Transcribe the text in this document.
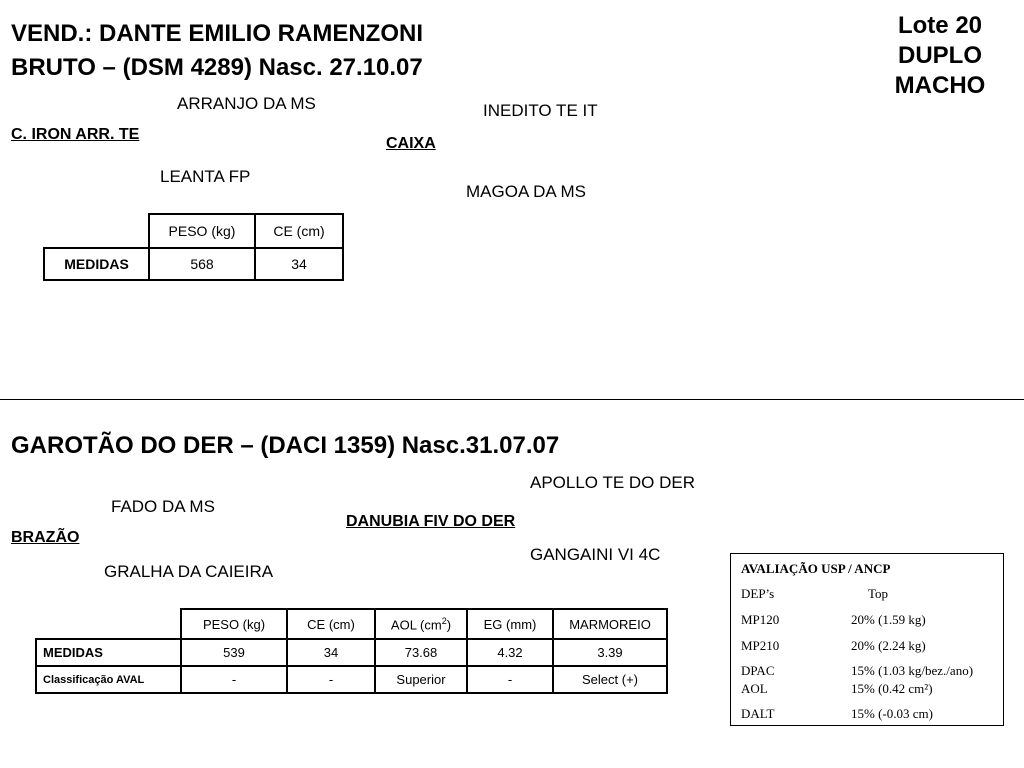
VEND.: DANTE EMILIO RAMENZONI
BRUTO – (DSM 4289) Nasc. 27.10.07
Lote 20
DUPLO
MACHO
ARRANJO DA MS
C. IRON ARR. TE
LEANTA FP
INEDITO TE IT
CAIXA
MAGOA DA MS
	PESO (kg)	CE (cm)
MEDIDAS	568	34
GAROTÃO DO DER – (DACI 1359) Nasc.31.07.07
FADO DA MS
BRAZÃO
GRALHA DA CAIEIRA
APOLLO TE DO DER
DANUBIA FIV DO DER
GANGAINI VI 4C
	PESO (kg)	CE (cm)	AOL $(cm^2)$	EG (mm)	MARMOREIO
MEDIDAS	539	34	73.68	4.32	3.39
Classificação AVAL	-	-	Superior	-	Select (+)
AVALIAÇÃO USP / ANCP
DEP’s	Top
MP120	20% (1.59 kg)
MP210	20% (2.24 kg)
DPAC	15% (1.03 kg/bez./ano)
AOL	15% (0.42 cm²)
DALT	15% (-0.03 cm)
